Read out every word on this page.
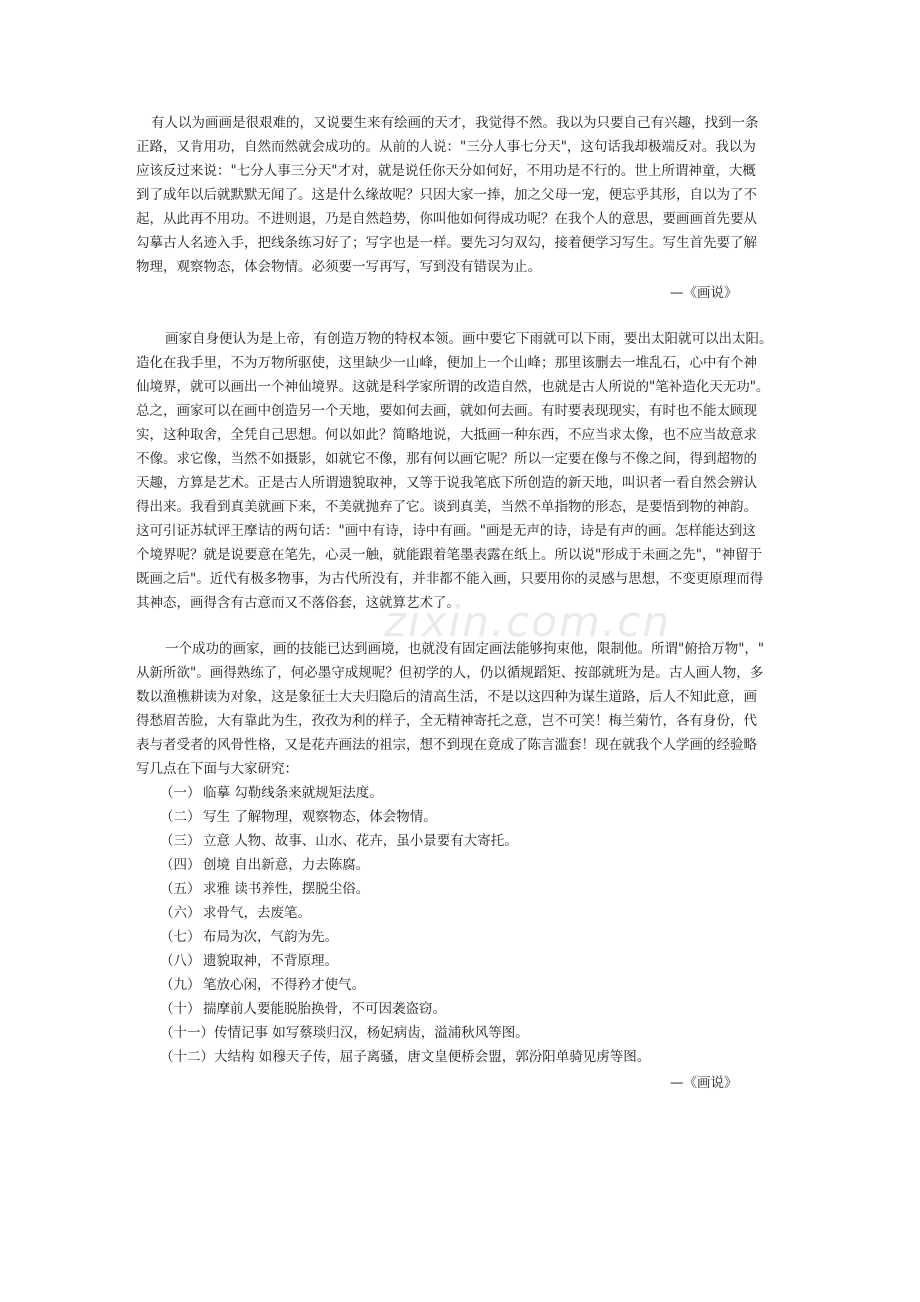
zixin.com.cn
有人以为画画是很艰难的，又说要生来有绘画的天才，我觉得不然。我以为只要自己有兴趣，找到一条
正路，又肯用功，自然而然就会成功的。从前的人说："三分人事七分天"，这句话我却极端反对。我以为
应该反过来说："七分人事三分天"才对，就是说任你天分如何好，不用功是不行的。世上所谓神童，大概
到了成年以后就默默无闻了。这是什么缘故呢？只因大家一捧，加之父母一宠，便忘乎其形，自以为了不
起，从此再不用功。不进则退，乃是自然趋势，你叫他如何得成功呢？在我个人的意思，要画画首先要从
勾摹古人名迹入手，把线条练习好了；写字也是一样。要先习匀双勾，接着便学习写生。写生首先要了解
物理，观察物态，体会物情。必须要一写再写，写到没有错误为止。
—《画说》
画家自身便认为是上帝，有创造万物的特权本领。画中要它下雨就可以下雨，要出太阳就可以出太阳。
造化在我手里，不为万物所驱使，这里缺少一山峰，便加上一个山峰；那里该删去一堆乱石，心中有个神
仙境界，就可以画出一个神仙境界。这就是科学家所谓的改造自然，也就是古人所说的"笔补造化天无功"。
总之，画家可以在画中创造另一个天地，要如何去画，就如何去画。有时要表现现实，有时也不能太顾现
实，这种取舍，全凭自己思想。何以如此？简略地说，大抵画一种东西，不应当求太像，也不应当故意求
不像。求它像，当然不如摄影，如就它不像，那有何以画它呢？所以一定要在像与不像之间，得到超物的
天趣，方算是艺术。正是古人所谓遗貌取神，又等于说我笔底下所创造的新天地，叫识者一看自然会辨认
得出来。我看到真美就画下来，不美就抛弃了它。谈到真美，当然不单指物的形态，是要悟到物的神韵。
这可引证苏轼评王摩诘的两句话："画中有诗，诗中有画。"画是无声的诗，诗是有声的画。怎样能达到这
个境界呢？就是说要意在笔先，心灵一触，就能跟着笔墨表露在纸上。所以说"形成于未画之先"，"神留于
既画之后"。近代有极多物事，为古代所没有，并非都不能入画，只要用你的灵感与思想，不变更原理而得
其神态，画得含有古意而又不落俗套，这就算艺术了。
一个成功的画家，画的技能已达到画境，也就没有固定画法能够拘束他，限制他。所谓"俯拾万物"，"
从新所欲"。画得熟练了，何必墨守成规呢？但初学的人，仍以循规蹈矩、按部就班为是。古人画人物，多
数以渔樵耕读为对象，这是象征士大夫归隐后的清高生活，不是以这四种为谋生道路，后人不知此意，画
得愁眉苦脸，大有靠此为生，孜孜为利的样子，全无精神寄托之意，岂不可笑！梅兰菊竹，各有身份，代
表与者受者的风骨性格，又是花卉画法的祖宗，想不到现在竟成了陈言滥套！现在就我个人学画的经验略
写几点在下面与大家研究：
（一） 临摹 勾勒线条来就规矩法度。
（二） 写生 了解物理，观察物态，体会物情。
（三） 立意 人物、故事、山水、花卉，虽小景要有大寄托。
（四） 创境 自出新意，力去陈腐。
（五） 求雅 读书养性，摆脱尘俗。
（六） 求骨气，去废笔。
（七） 布局为次，气韵为先。
（八） 遗貌取神，不背原理。
（九） 笔放心闲，不得矜才使气。
（十） 揣摩前人要能脱胎换骨，不可因袭盗窃。
（十一）传情记事 如写蔡琰归汉，杨妃病齿，溢浦秋风等图。
（十二）大结构 如穆天子传，屈子离骚，唐文皇便桥会盟，郭汾阳单骑见虏等图。
—《画说》
